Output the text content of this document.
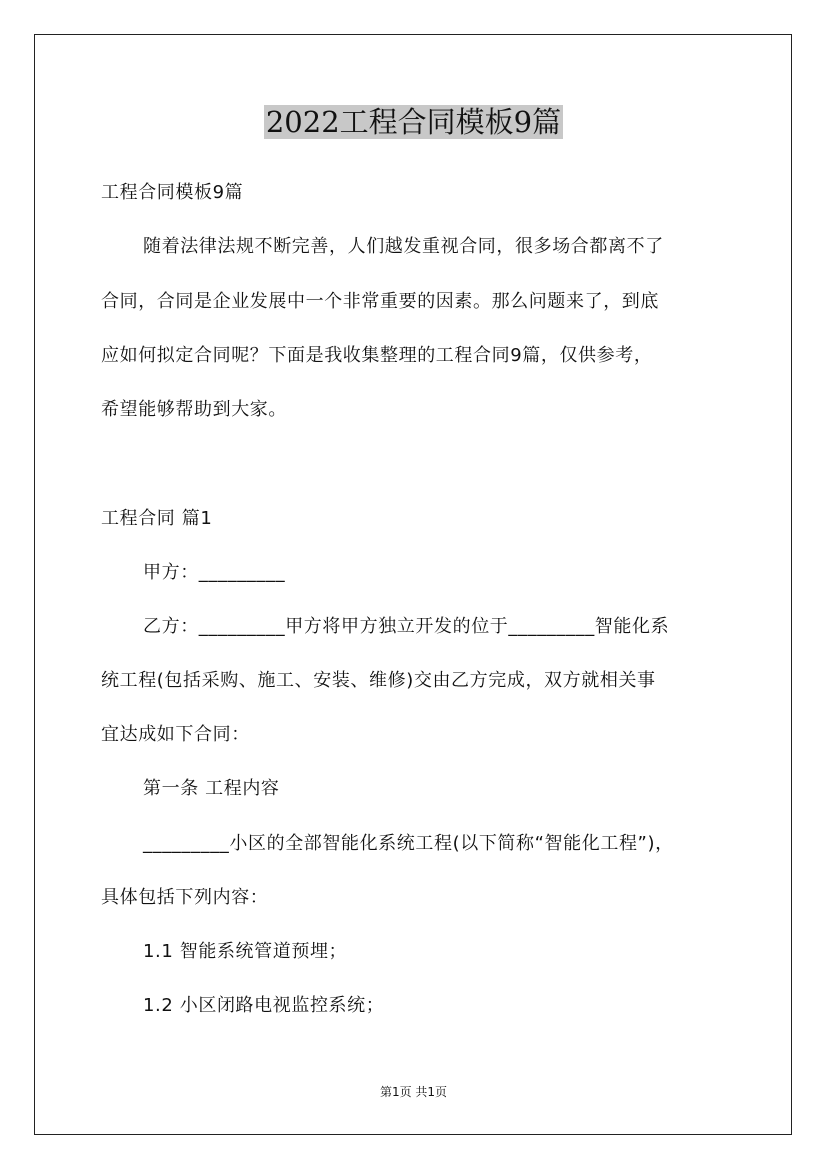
2022工程合同模板9篇
工程合同模板9篇
随着法律法规不断完善，人们越发重视合同，很多场合都离不了
合同，合同是企业发展中一个非常重要的因素。那么问题来了，到底
应如何拟定合同呢？下面是我收集整理的工程合同9篇，仅供参考，
希望能够帮助到大家。
工程合同 篇1
甲方：_________
乙方：_________甲方将甲方独立开发的位于_________智能化系
统工程(包括采购、施工、安装、维修)交由乙方完成，双方就相关事
宜达成如下合同：
第一条 工程内容
_________小区的全部智能化系统工程(以下简称“智能化工程”)，
具体包括下列内容：
1.1 智能系统管道预埋；
1.2 小区闭路电视监控系统；
第1页 共1页
